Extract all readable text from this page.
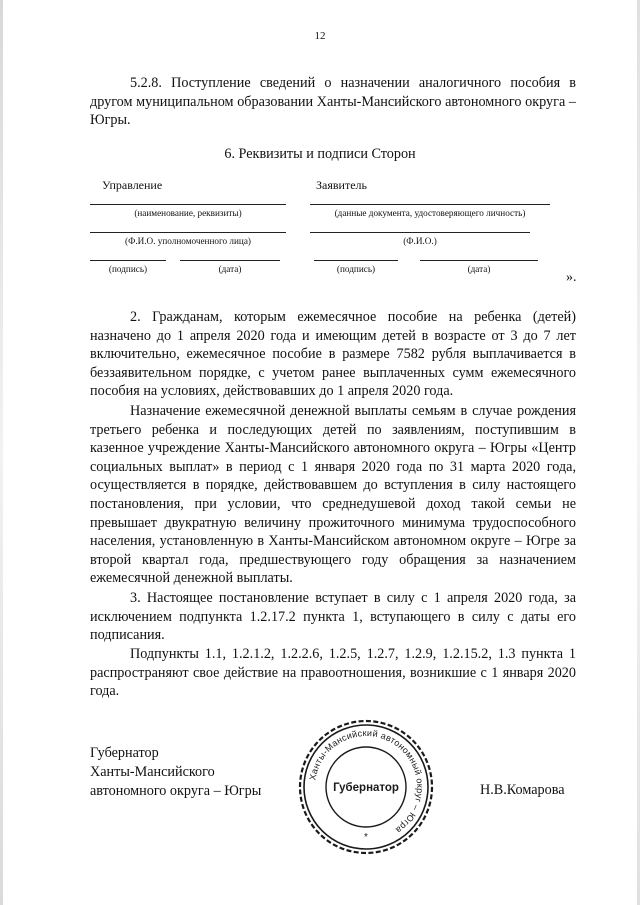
12

5.2.8. Поступление сведений о назначении аналогичного пособия в другом муниципальном образовании Ханты-Мансийского автономного округа – Югры.

6. Реквизиты и подписи Сторон
Управление
(наименование, реквизиты)
(Ф.И.О. уполномоченного лица)
(подпись)	(дата)
Заявитель
(данные документа, удостоверяющего личность)
(Ф.И.О.)
(подпись)	(дата)
».

2. Гражданам, которым ежемесячное пособие на ребенка (детей) назначено до 1 апреля 2020 года и имеющим детей в возрасте от 3 до 7 лет включительно, ежемесячное пособие в размере 7582 рубля выплачивается в беззаявительном порядке, с учетом ранее выплаченных сумм ежемесячного пособия на условиях, действовавших до 1 апреля 2020 года.

Назначение ежемесячной денежной выплаты семьям в случае рождения третьего ребенка и последующих детей по заявлениям, поступившим в казенное учреждение Ханты-Мансийского автономного округа – Югры «Центр социальных выплат» в период с 1 января 2020 года по 31 марта 2020 года, осуществляется в порядке, действовавшем до вступления в силу настоящего постановления, при условии, что среднедушевой доход такой семьи не превышает двукратную величину прожиточного минимума трудоспособного населения, установленную в Ханты-Мансийском автономном округе – Югре за второй квартал года, предшествующего году обращения за назначением ежемесячной денежной выплаты.

3. Настоящее постановление вступает в силу с 1 апреля 2020 года, за исключением подпункта 1.2.17.2 пункта 1, вступающего в силу с даты его подписания.

Подпункты 1.1, 1.2.1.2, 1.2.2.6, 1.2.5, 1.2.7, 1.2.9, 1.2.15.2, 1.3 пункта 1 распространяют свое действие на правоотношения, возникшие с 1 января 2020 года.

Губернатор
Ханты-Мансийского
автономного округа – Югры
Ханты-Мансийский автономный округ – Югра
Губернатор
*
Н.В.Комарова
